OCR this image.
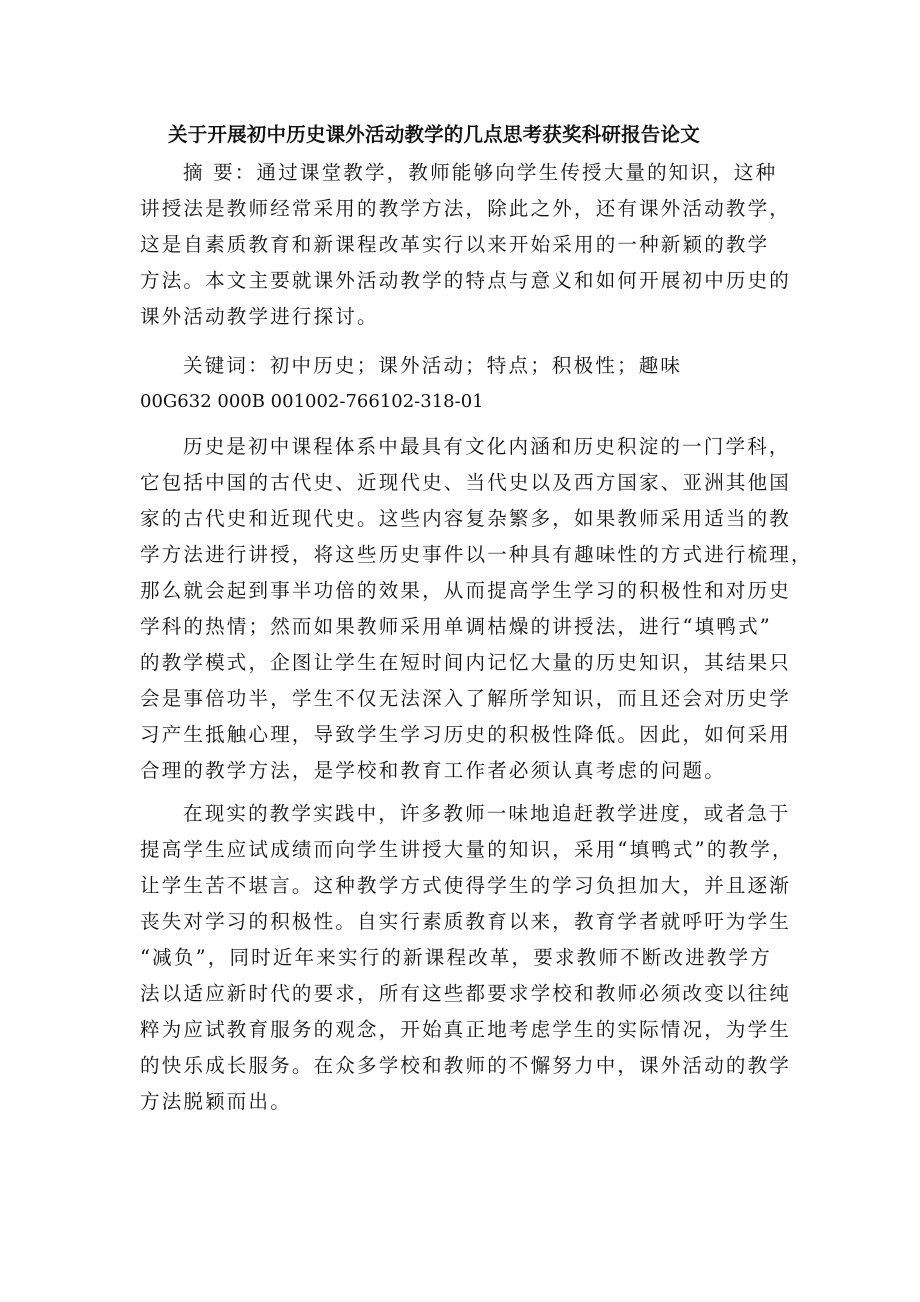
关于开展初中历史课外活动教学的几点思考获奖科研报告论文
摘 要：通过课堂教学，教师能够向学生传授大量的知识，这种
讲授法是教师经常采用的教学方法，除此之外，还有课外活动教学，
这是自素质教育和新课程改革实行以来开始采用的一种新颖的教学
方法。本文主要就课外活动教学的特点与意义和如何开展初中历史的
课外活动教学进行探讨。
关键词：初中历史；课外活动；特点；积极性；趣味
00G632 000B 001002-766102-318-01
历史是初中课程体系中最具有文化内涵和历史积淀的一门学科，
它包括中国的古代史、近现代史、当代史以及西方国家、亚洲其他国
家的古代史和近现代史。这些内容复杂繁多，如果教师采用适当的教
学方法进行讲授，将这些历史事件以一种具有趣味性的方式进行梳理，
那么就会起到事半功倍的效果，从而提高学生学习的积极性和对历史
学科的热情；然而如果教师采用单调枯燥的讲授法，进行“填鸭式”
的教学模式，企图让学生在短时间内记忆大量的历史知识，其结果只
会是事倍功半，学生不仅无法深入了解所学知识，而且还会对历史学
习产生抵触心理，导致学生学习历史的积极性降低。因此，如何采用
合理的教学方法，是学校和教育工作者必须认真考虑的问题。
在现实的教学实践中，许多教师一味地追赶教学进度，或者急于
提高学生应试成绩而向学生讲授大量的知识，采用“填鸭式”的教学，
让学生苦不堪言。这种教学方式使得学生的学习负担加大，并且逐渐
丧失对学习的积极性。自实行素质教育以来，教育学者就呼吁为学生
“减负”，同时近年来实行的新课程改革，要求教师不断改进教学方
法以适应新时代的要求，所有这些都要求学校和教师必须改变以往纯
粹为应试教育服务的观念，开始真正地考虑学生的实际情况，为学生
的快乐成长服务。在众多学校和教师的不懈努力中，课外活动的教学
方法脱颖而出。
